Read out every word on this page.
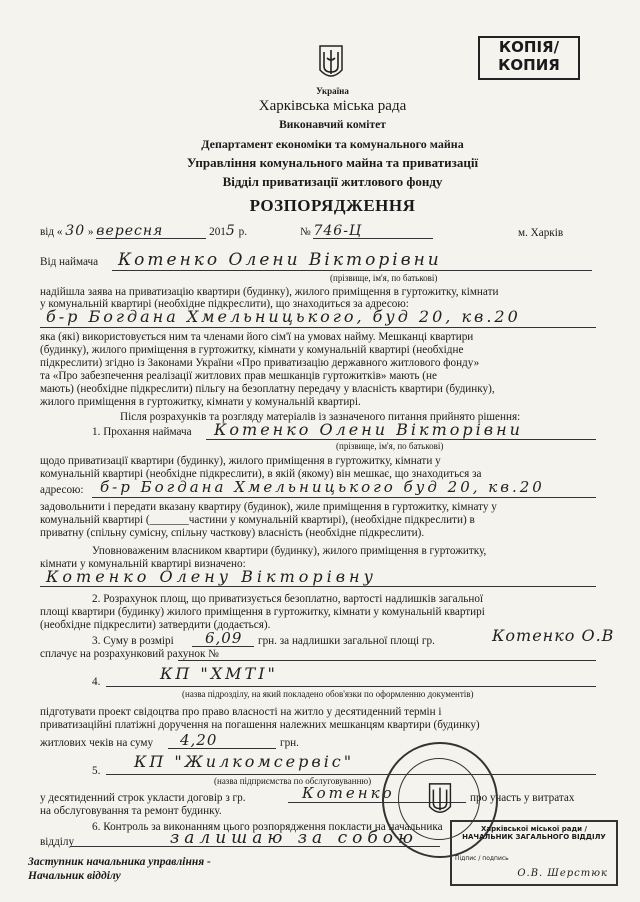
КОПІЯ/
КОПИЯ
Україна
Харківська міська рада
Виконавчий комітет
Департамент економіки та комунального майна
Управління комунального майна та приватизації
Відділ приватизації житлового фонду
РОЗПОРЯДЖЕННЯ
від « 30 » вересня	2015 р.	№ 746-Ц	м. Харків
Від наймача Котенко Олени Вікторівни
(прізвище, ім'я, по батькові)
надійшла заява на приватизацію квартири (будинку), жилого приміщення в гуртожитку, кімнати
у комунальній квартирі (необхідне підкреслити), що знаходиться за адресою:
б-р Богдана Хмельницького, буд 20, кв.20
яка (які) використовується ним та членами його сім'ї на умовах найму. Мешканці квартири
(будинку), жилого приміщення в гуртожитку, кімнати у комунальній квартирі (необхідне
підкреслити) згідно із Законами України «Про приватизацію державного житлового фонду»
та «Про забезпечення реалізації житлових прав мешканців гуртожитків» мають (не
мають) (необхідне підкреслити) пільгу на безоплатну передачу у власність квартири (будинку),
жилого приміщення в гуртожитку, кімнати у комунальній квартирі.
Після розрахунків та розгляду матеріалів із зазначеного питання прийнято рішення:
1. Прохання наймача Котенко Олени Вікторівни
(прізвище, ім'я, по батькові)
щодо приватизації квартири (будинку), жилого приміщення в гуртожитку, кімнати у
комунальній квартирі (необхідне підкреслити), в якій (якому) він мешкає, що знаходиться за
адресою: б-р Богдана Хмельницького буд 20, кв.20
задовольнити і передати вказану квартиру (будинок), жиле приміщення в гуртожитку, кімнату у
комунальній квартирі (_______частини у комунальній квартирі), (необхідне підкреслити) в
приватну (спільну сумісну, спільну часткову) власність (необхідне підкреслити).
Уповноваженим власником квартири (будинку), жилого приміщення в гуртожитку,
кімнати у комунальній квартирі визначено:
Котенко Олену Вікторівну
2. Розрахунок площ, що приватизується безоплатно, вартості надлишків загальної
площі квартири (будинку) жилого приміщення в гуртожитку, кімнати у комунальній квартирі
(необхідне підкреслити) затвердити (додається).
3. Суму в розмірі 6,09 грн. за надлишки загальної площі гр.	Котенко О.В
сплачує на розрахунковий рахунок №
4.	КП "ХМТІ"
(назва підрозділу, на який покладено обов'язки по оформленню документів)
підготувати проект свідоцтва про право власності на житло у десятиденний термін і
приватизаційні платіжні доручення на погашення належних мешканцям квартири (будинку)
житлових чеків на суму 4,20	грн.
5. КП "Жилкомсервіс"
(назва підприємства по обслуговуванню)
у десятиденний строк укласти договір з гр.	Котенко	про участь у витратах
на обслуговування та ремонт будинку.
6. Контроль за виконанням цього розпорядження покласти на начальника
відділу	залишаю за собою
Заступник начальника управління -
Начальник відділу
Харківської міської ради / НАЧАЛЬНИК ЗАГАЛЬНОГО ВІДДІЛУ
Підпис / подпись
О.В. Шерстюк
